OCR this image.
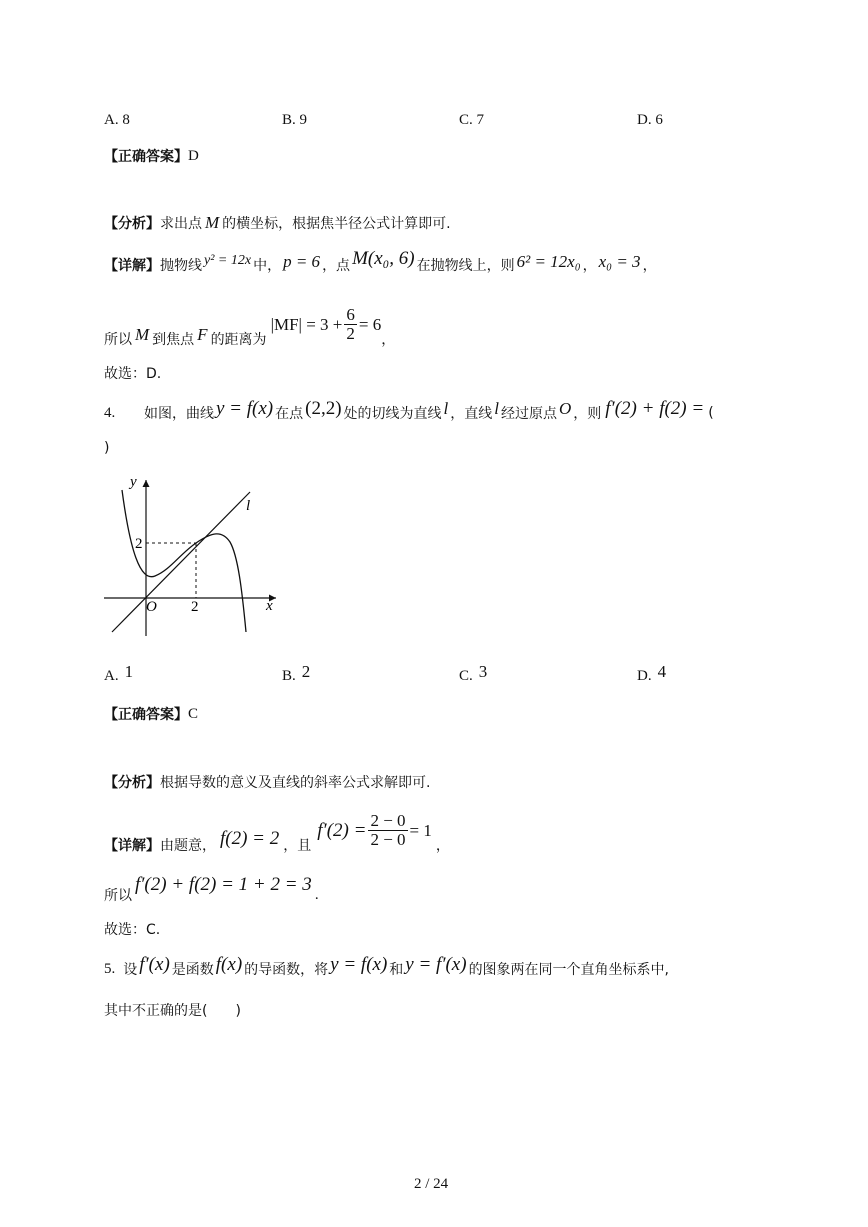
A. 8	B. 9	C. 7	D. 6
【正确答案】 D
【分析】 求出点 M 的横坐标，根据焦半径公式计算即可.
【详解】 抛物线 y² = 12x 中， p = 6 ，点 M(x₀, 6) 在抛物线上，则 6² = 12x₀ ， x₀ = 3 ，
所以 M 到焦点 F 的距离为
$|MF| = 3 + \frac{6}{2} = 6$
，
故选：D.
4.	如图，曲线 y = f(x) 在点 (2,2) 处的切线为直线 l ，直线 l 经过原点 O ，则 f′(2) + f(2) = (
)
y
x
O 2
2
l
A. 1	B. 2	C. 3	D. 4
【正确答案】 C
【分析】 根据导数的意义及直线的斜率公式求解即可.
【详解】 由题意， f(2) = 2 ，且
$f'(2) = \frac{2 - 0}{2 - 0} = 1$
，
所以
f′(2) + f(2) = 1 + 2 = 3 .
故选：C.
5. 设 f′(x) 是函数 f(x) 的导函数，将 y = f(x) 和 y = f′(x) 的图象两在同一个直角坐标系中,
其中不正确的是(　　)
2 / 24
